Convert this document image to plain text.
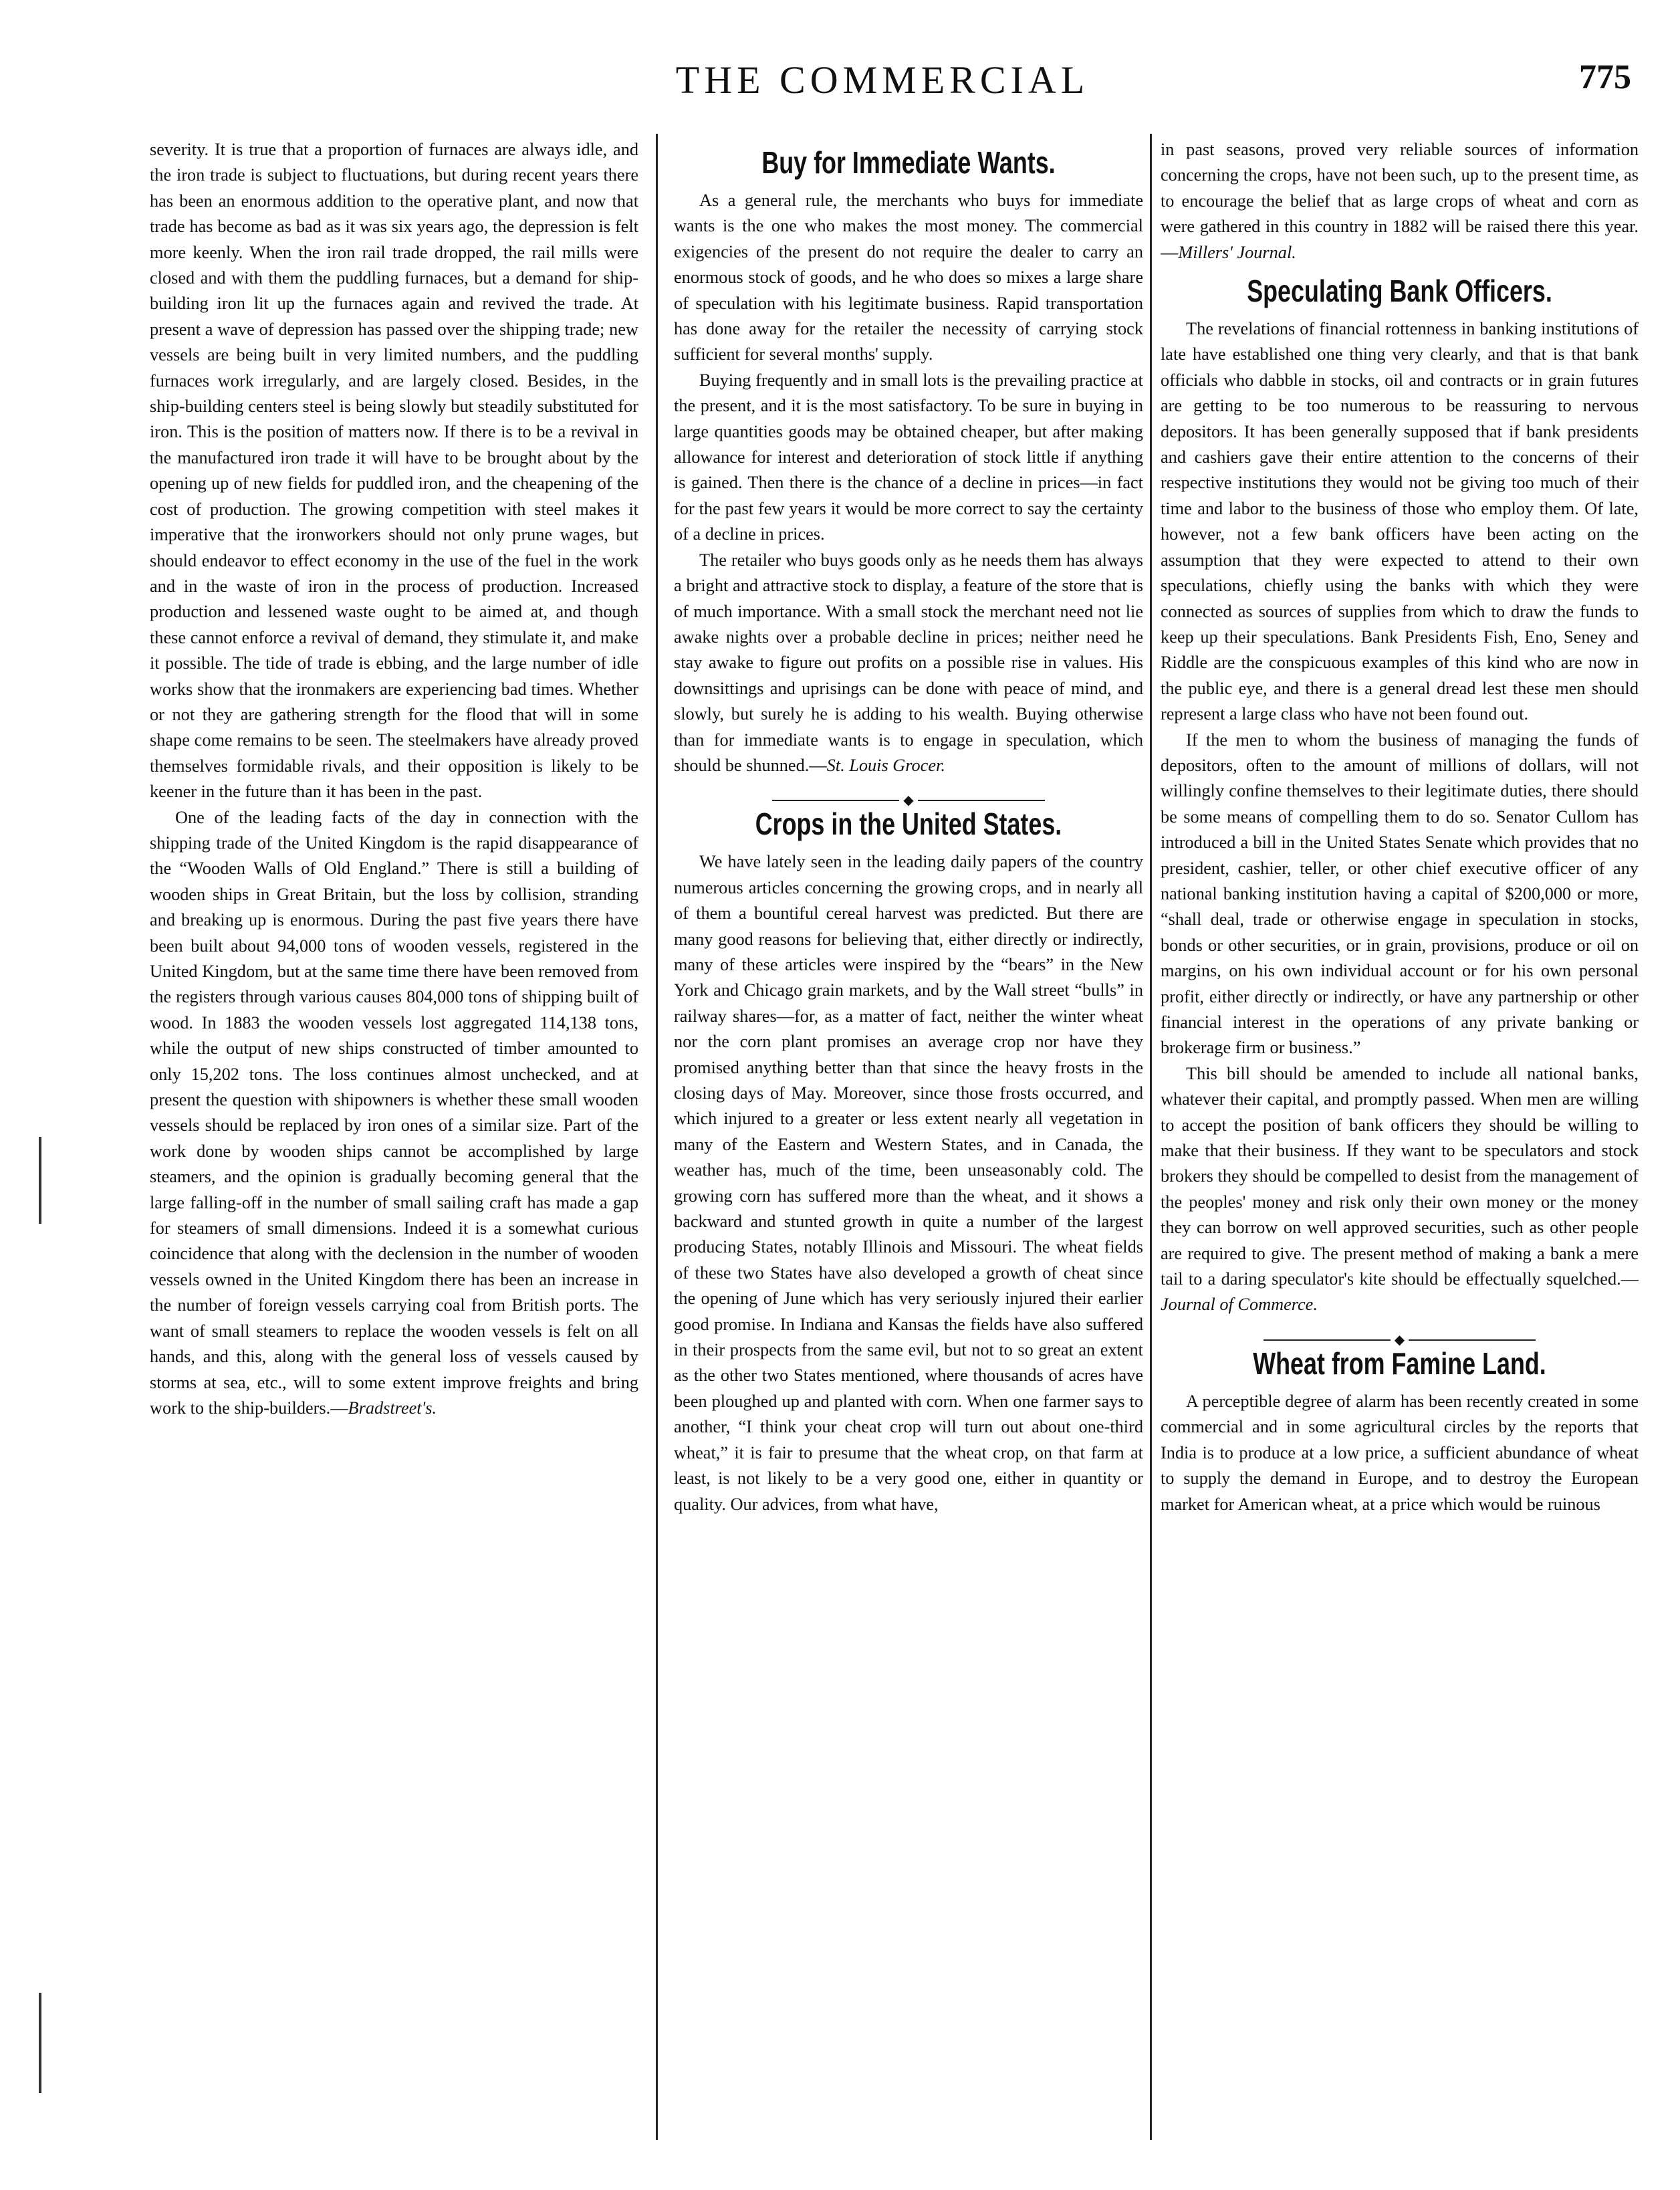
THE COMMERCIAL	775

severity. It is true that a proportion of furnaces are always idle, and the iron trade is subject to fluctuations, but during recent years there has been an enormous addition to the operative plant, and now that trade has become as bad as it was six years ago, the depression is felt more keenly. When the iron rail trade dropped, the rail mills were closed and with them the puddling furnaces, but a demand for ship-building iron lit up the furnaces again and revived the trade. At present a wave of depression has passed over the shipping trade; new vessels are being built in very limited numbers, and the puddling furnaces work irregularly, and are largely closed. Besides, in the ship-building centers steel is being slowly but steadily substituted for iron. This is the position of matters now. If there is to be a revival in the manufactured iron trade it will have to be brought about by the opening up of new fields for puddled iron, and the cheapening of the cost of production. The growing competition with steel makes it imperative that the ironworkers should not only prune wages, but should endeavor to effect economy in the use of the fuel in the work and in the waste of iron in the process of production. Increased production and lessened waste ought to be aimed at, and though these cannot enforce a revival of demand, they stimulate it, and make it possible. The tide of trade is ebbing, and the large number of idle works show that the ironmakers are experiencing bad times. Whether or not they are gathering strength for the flood that will in some shape come remains to be seen. The steelmakers have already proved themselves formidable rivals, and their opposition is likely to be keener in the future than it has been in the past.

One of the leading facts of the day in connection with the shipping trade of the United Kingdom is the rapid disappearance of the “Wooden Walls of Old England.” There is still a building of wooden ships in Great Britain, but the loss by collision, stranding and breaking up is enormous. During the past five years there have been built about 94,000 tons of wooden vessels, registered in the United Kingdom, but at the same time there have been removed from the registers through various causes 804,000 tons of shipping built of wood. In 1883 the wooden vessels lost aggregated 114,138 tons, while the output of new ships constructed of timber amounted to only 15,202 tons. The loss continues almost unchecked, and at present the question with shipowners is whether these small wooden vessels should be replaced by iron ones of a similar size. Part of the work done by wooden ships cannot be accomplished by large steamers, and the opinion is gradually becoming general that the large falling-off in the number of small sailing craft has made a gap for steamers of small dimensions. Indeed it is a somewhat curious coincidence that along with the declension in the number of wooden vessels owned in the United Kingdom there has been an increase in the number of foreign vessels carrying coal from British ports. The want of small steamers to replace the wooden vessels is felt on all hands, and this, along with the general loss of vessels caused by storms at sea, etc., will to some extent improve freights and bring work to the ship-builders.—Bradstreet's.

Buy for Immediate Wants.

As a general rule, the merchants who buys for immediate wants is the one who makes the most money. The commercial exigencies of the present do not require the dealer to carry an enormous stock of goods, and he who does so mixes a large share of speculation with his legitimate business. Rapid transportation has done away for the retailer the necessity of carrying stock sufficient for several months' supply.

Buying frequently and in small lots is the prevailing practice at the present, and it is the most satisfactory. To be sure in buying in large quantities goods may be obtained cheaper, but after making allowance for interest and deterioration of stock little if anything is gained. Then there is the chance of a decline in prices—in fact for the past few years it would be more correct to say the certainty of a decline in prices.

The retailer who buys goods only as he needs them has always a bright and attractive stock to display, a feature of the store that is of much importance. With a small stock the merchant need not lie awake nights over a probable decline in prices; neither need he stay awake to figure out profits on a possible rise in values. His downsittings and uprisings can be done with peace of mind, and slowly, but surely he is adding to his wealth. Buying otherwise than for immediate wants is to engage in speculation, which should be shunned.—St. Louis Grocer.

◆
Crops in the United States.

We have lately seen in the leading daily papers of the country numerous articles concerning the growing crops, and in nearly all of them a bountiful cereal harvest was predicted. But there are many good reasons for believing that, either directly or indirectly, many of these articles were inspired by the “bears” in the New York and Chicago grain markets, and by the Wall street “bulls” in railway shares—for, as a matter of fact, neither the winter wheat nor the corn plant promises an average crop nor have they promised anything better than that since the heavy frosts in the closing days of May. Moreover, since those frosts occurred, and which injured to a greater or less extent nearly all vegetation in many of the Eastern and Western States, and in Canada, the weather has, much of the time, been unseasonably cold. The growing corn has suffered more than the wheat, and it shows a backward and stunted growth in quite a number of the largest producing States, notably Illinois and Missouri. The wheat fields of these two States have also developed a growth of cheat since the opening of June which has very seriously injured their earlier good promise. In Indiana and Kansas the fields have also suffered in their prospects from the same evil, but not to so great an extent as the other two States mentioned, where thousands of acres have been ploughed up and planted with corn. When one farmer says to another, “I think your cheat crop will turn out about one-third wheat,” it is fair to presume that the wheat crop, on that farm at least, is not likely to be a very good one, either in quantity or quality. Our advices, from what have,

in past seasons, proved very reliable sources of information concerning the crops, have not been such, up to the present time, as to encourage the belief that as large crops of wheat and corn as were gathered in this country in 1882 will be raised there this year.—Millers' Journal.

Speculating Bank Officers.

The revelations of financial rottenness in banking institutions of late have established one thing very clearly, and that is that bank officials who dabble in stocks, oil and contracts or in grain futures are getting to be too numerous to be reassuring to nervous depositors. It has been generally supposed that if bank presidents and cashiers gave their entire attention to the concerns of their respective institutions they would not be giving too much of their time and labor to the business of those who employ them. Of late, however, not a few bank officers have been acting on the assumption that they were expected to attend to their own speculations, chiefly using the banks with which they were connected as sources of supplies from which to draw the funds to keep up their speculations. Bank Presidents Fish, Eno, Seney and Riddle are the conspicuous examples of this kind who are now in the public eye, and there is a general dread lest these men should represent a large class who have not been found out.

If the men to whom the business of managing the funds of depositors, often to the amount of millions of dollars, will not willingly confine themselves to their legitimate duties, there should be some means of compelling them to do so. Senator Cullom has introduced a bill in the United States Senate which provides that no president, cashier, teller, or other chief executive officer of any national banking institution having a capital of $200,000 or more, “shall deal, trade or otherwise engage in speculation in stocks, bonds or other securities, or in grain, provisions, produce or oil on margins, on his own individual account or for his own personal profit, either directly or indirectly, or have any partnership or other financial interest in the operations of any private banking or brokerage firm or business.”

This bill should be amended to include all national banks, whatever their capital, and promptly passed. When men are willing to accept the position of bank officers they should be willing to make that their business. If they want to be speculators and stock brokers they should be compelled to desist from the management of the peoples' money and risk only their own money or the money they can borrow on well approved securities, such as other people are required to give. The present method of making a bank a mere tail to a daring speculator's kite should be effectually squelched.—Journal of Commerce.

◆
Wheat from Famine Land.

A perceptible degree of alarm has been recently created in some commercial and in some agricultural circles by the reports that India is to produce at a low price, a sufficient abundance of wheat to supply the demand in Europe, and to destroy the European market for American wheat, at a price which would be ruinous
